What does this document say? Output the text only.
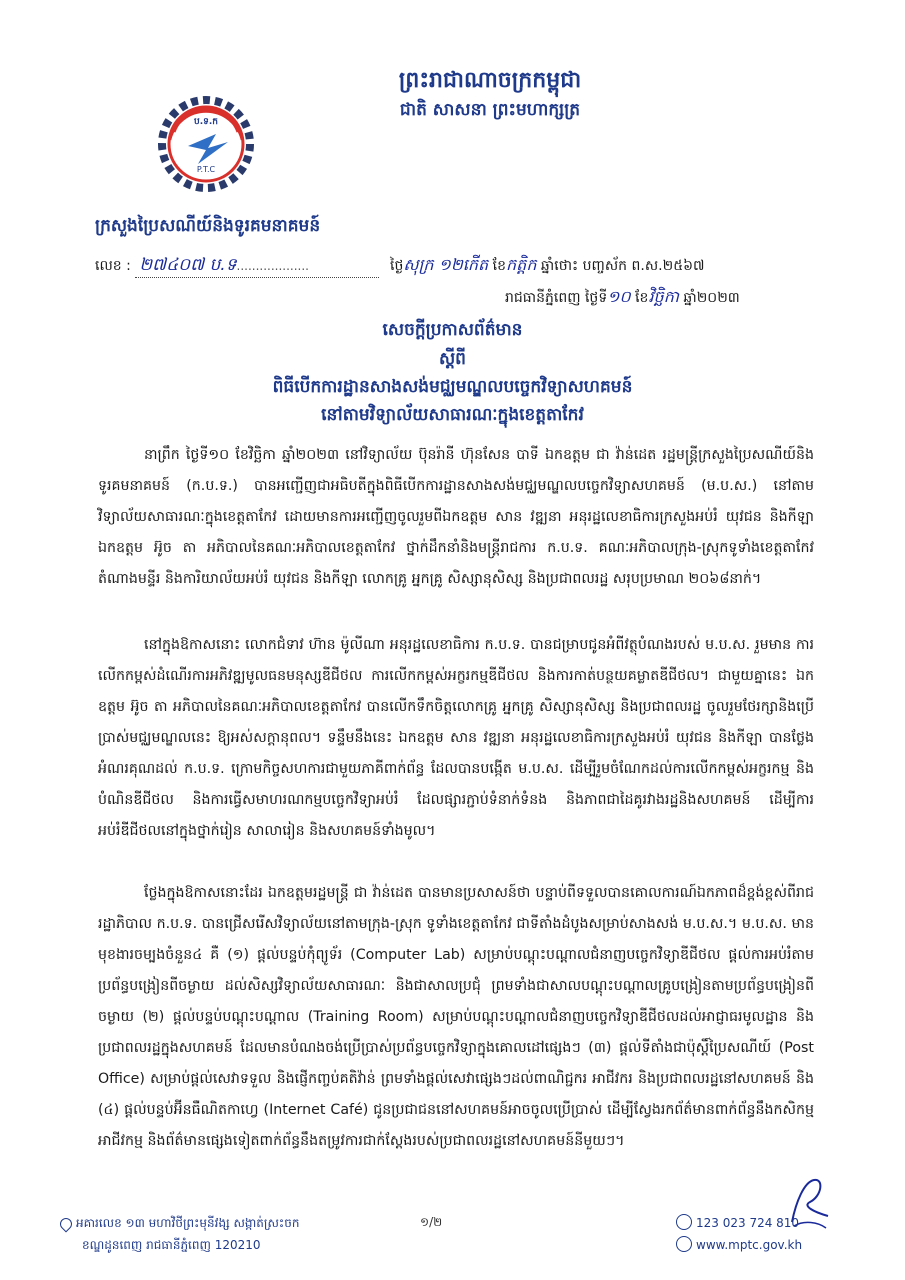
ប.ទ.ក
P.T.C
ព្រះរាជាណាចក្រកម្ពុជា
ជាតិ សាសនា ព្រះមហាក្សត្រ
ក្រសួងប្រៃសណីយ៍និងទូរគមនាគមន៍
លេខ : ២៧៤០៧ ប.ទ...................	ថ្ងៃសុក្រ ១២កើត ខែកត្តិក ឆ្នាំថោះ បញ្ចស័ក ព.ស.២៥៦៧
រាជធានីភ្នំពេញ ថ្ងៃទី១០ ខែវិច្ឆិកា ឆ្នាំ២០២៣
សេចក្តីប្រកាសព័ត៌មាន
ស្តីពី
ពិធីបើកការដ្ឋានសាងសង់មជ្ឈមណ្ឌលបច្ចេកវិទ្យាសហគមន៍
នៅតាមវិទ្យាល័យសាធារណៈក្នុងខេត្តតាកែវ
នាព្រឹក ថ្ងៃទី១០ ខែវិច្ឆិកា ឆ្នាំ២០២៣ នៅវិទ្យាល័យ ប៊ុនរ៉ានី ហ៊ុនសែន បាទី ឯកឧត្តម ជា វ៉ាន់ដេត រដ្ឋមន្ត្រីក្រសួងប្រៃសណីយ៍និងទូរគមនាគមន៍ (ក.ប.ទ.) បានអញ្ជើញជាអធិបតីក្នុងពិធីបើកការដ្ឋានសាងសង់មជ្ឈមណ្ឌលបច្ចេកវិទ្យាសហគមន៍ (ម.ប.ស.) នៅតាមវិទ្យាល័យសាធារណៈក្នុងខេត្តតាកែវ ដោយមានការអញ្ជើញចូលរួមពីឯកឧត្តម សាន វឌ្ឍនា អនុរដ្ឋលេខាធិការក្រសួងអប់រំ យុវជន និងកីឡា ឯកឧត្តម អ៊ូច តា អភិបាលនៃគណៈអភិបាលខេត្តតាកែវ ថ្នាក់ដឹកនាំនិងមន្ត្រីរាជការ ក.ប.ទ. គណៈអភិបាលក្រុង-ស្រុកទូទាំងខេត្តតាកែវ តំណាងមន្ទីរ និងការិយាល័យអប់រំ យុវជន និងកីឡា លោកគ្រូ អ្នកគ្រូ សិស្សានុសិស្ស និងប្រជាពលរដ្ឋ សរុបប្រមាណ ២០៦៨នាក់។
នៅក្នុងឱកាសនោះ លោកជំទាវ ហ៊ាន ម៉ូលីណា អនុរដ្ឋលេខាធិការ ក.ប.ទ. បានជម្រាបជូនអំពីវត្ថុបំណងរបស់ ម.ប.ស. រួមមាន ការលើកកម្ពស់ដំណើរការអភិវឌ្ឍមូលធនមនុស្សឌីជីថល ការលើកកម្ពស់អក្ខរកម្មឌីជីថល និងការកាត់បន្ថយគម្លាតឌីជីថល។ ជាមួយគ្នានេះ ឯកឧត្តម អ៊ូច តា អភិបាលនៃគណៈអភិបាលខេត្តតាកែវ បានលើកទឹកចិត្តលោកគ្រូ អ្នកគ្រូ សិស្សានុសិស្ស និងប្រជាពលរដ្ឋ ចូលរួមថែរក្សានិងប្រើប្រាស់មជ្ឈមណ្ឌលនេះ ឱ្យអស់សក្តានុពល។ ទន្ទឹមនឹងនេះ ឯកឧត្តម សាន វឌ្ឍនា អនុរដ្ឋលេខាធិការក្រសួងអប់រំ យុវជន និងកីឡា បានថ្លែងអំណរគុណដល់ ក.ប.ទ. ក្រោមកិច្ចសហការជាមួយភាគីពាក់ព័ន្ធ ដែលបានបង្កើត ម.ប.ស. ដើម្បីរួមចំណែកដល់ការលើកកម្ពស់អក្ខរកម្ម និងបំណិនឌីជីថល និងការធ្វើសមាហរណកម្មបច្ចេកវិទ្យាអប់រំ ដែលផ្សារភ្ជាប់ទំនាក់ទំនង និងភាពជាដៃគូរវាងរដ្ឋនិងសហគមន៍ ដើម្បីការអប់រំឌីជីថលនៅក្នុងថ្នាក់រៀន សាលារៀន និងសហគមន៍ទាំងមូល។
ថ្លែងក្នុងឱកាសនោះដែរ ឯកឧត្តមរដ្ឋមន្ត្រី ជា វ៉ាន់ដេត បានមានប្រសាសន៍ថា បន្ទាប់ពីទទួលបានគោលការណ៍ឯកភាពដ៏ខ្ពង់ខ្ពស់ពីរាជរដ្ឋាភិបាល ក.ប.ទ. បានជ្រើសរើសវិទ្យាល័យនៅតាមក្រុង-ស្រុក ទូទាំងខេត្តតាកែវ ជាទីតាំងដំបូងសម្រាប់សាងសង់ ម.ប.ស.។ ម.ប.ស. មានមុខងារចម្បងចំនួន៤ គឺ (១) ផ្តល់បន្ទប់កុំព្យូទ័រ (Computer Lab) សម្រាប់បណ្តុះបណ្តាលជំនាញបច្ចេកវិទ្យាឌីជីថល ផ្តល់ការអប់រំតាមប្រព័ន្ធបង្រៀនពីចម្ងាយ ដល់សិស្សវិទ្យាល័យសាធារណៈ និងជាសាលប្រជុំ ព្រមទាំងជាសាលបណ្តុះបណ្តាលគ្រូបង្រៀនតាមប្រព័ន្ធបង្រៀនពីចម្ងាយ (២) ផ្តល់បន្ទប់បណ្តុះបណ្តាល (Training Room) សម្រាប់បណ្តុះបណ្តាលជំនាញបច្ចេកវិទ្យាឌីជីថលដល់អាជ្ញាធរមូលដ្ឋាន និងប្រជាពលរដ្ឋក្នុងសហគមន៍ ដែលមានបំណងចង់ប្រើប្រាស់ប្រព័ន្ធបច្ចេកវិទ្យាក្នុងគោលដៅផ្សេងៗ (៣) ផ្តល់ទីតាំងជាប៉ុស្តិ៍ប្រៃសណីយ៍ (Post Office) សម្រាប់ផ្តល់សេវាទទួល និងផ្ញើកញ្ចប់គតិវ៉ាន់ ព្រមទាំងផ្តល់សេវាផ្សេងៗដល់ពាណិជ្ជករ អាជីវករ និងប្រជាពលរដ្ឋនៅសហគមន៍ និង (៤) ផ្តល់បន្ទប់អ៊ីនធឺណិតកាហ្វេ (Internet Café) ជូនប្រជាជននៅសហគមន៍អាចចូលប្រើប្រាស់ ដើម្បីស្វែងរកព័ត៌មានពាក់ព័ន្ធនឹងកសិកម្ម អាជីវកម្ម និងព័ត៌មានផ្សេងទៀតពាក់ព័ន្ធនឹងតម្រូវការជាក់ស្តែងរបស់ប្រជាពលរដ្ឋនៅសហគមន៍នីមួយៗ។
អគារលេខ ១៣ មហាវិថីព្រះមុនីវង្ស សង្កាត់ស្រះចក
ខណ្ឌដូនពេញ រាជធានីភ្នំពេញ 120210
១/២	123 023 724 810
www.mptc.gov.kh
